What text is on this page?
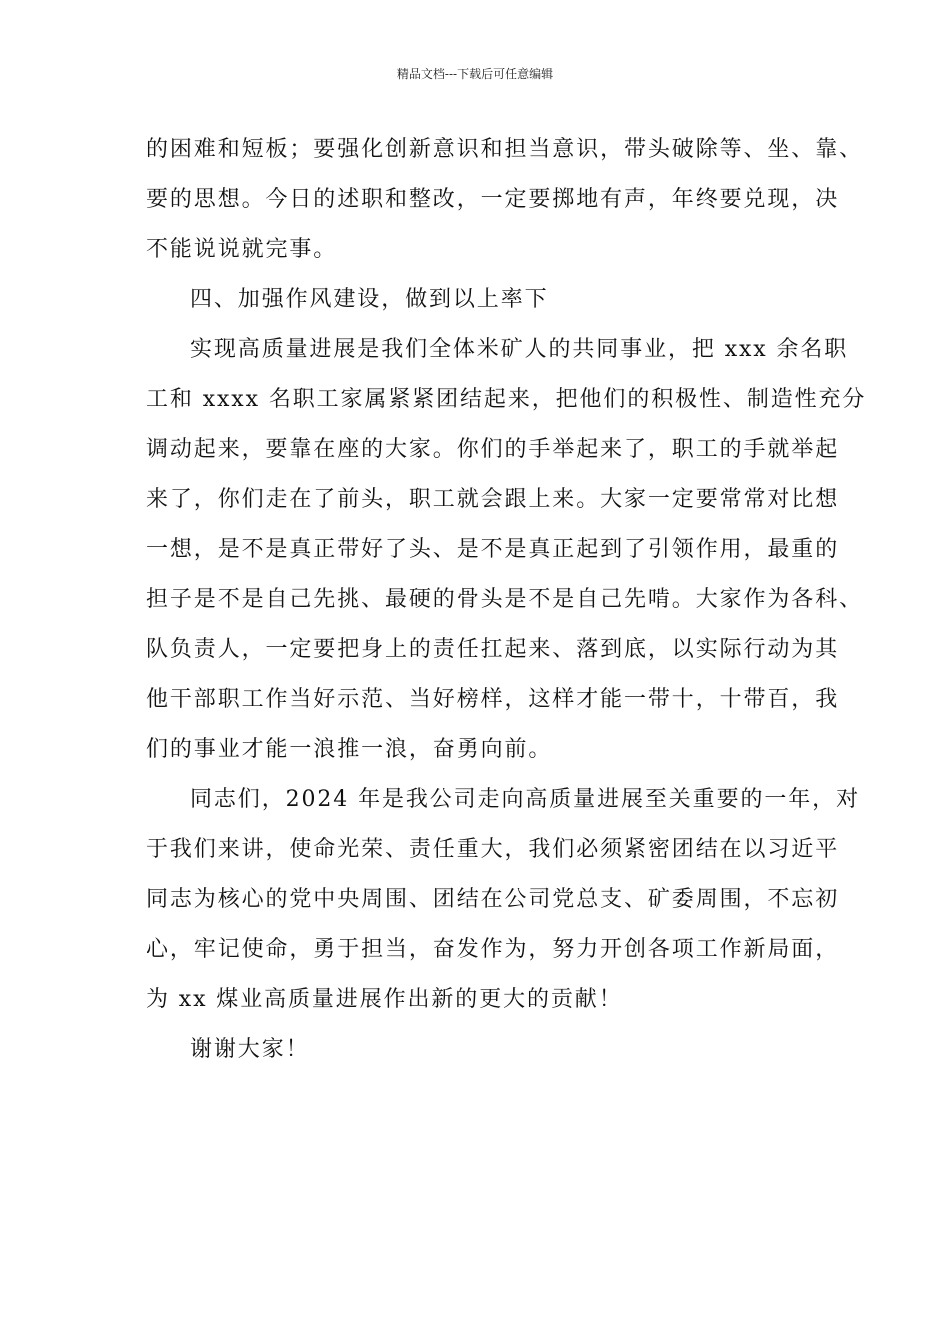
精品文档---下载后可任意编辑
的困难和短板；要强化创新意识和担当意识，带头破除等、坐、靠、
要的思想。今日的述职和整改，一定要掷地有声，年终要兑现，决
不能说说就完事。
四、加强作风建设，做到以上率下
实现高质量进展是我们全体米矿人的共同事业，把 xxx 余名职
工和 xxxx 名职工家属紧紧团结起来，把他们的积极性、制造性充分
调动起来，要靠在座的大家。你们的手举起来了，职工的手就举起
来了，你们走在了前头，职工就会跟上来。大家一定要常常对比想
一想，是不是真正带好了头、是不是真正起到了引领作用，最重的
担子是不是自己先挑、最硬的骨头是不是自己先啃。大家作为各科、
队负责人，一定要把身上的责任扛起来、落到底，以实际行动为其
他干部职工作当好示范、当好榜样，这样才能一带十，十带百，我
们的事业才能一浪推一浪，奋勇向前。
同志们，2024 年是我公司走向高质量进展至关重要的一年，对
于我们来讲，使命光荣、责任重大，我们必须紧密团结在以习近平
同志为核心的党中央周围、团结在公司党总支、矿委周围，不忘初
心，牢记使命，勇于担当，奋发作为，努力开创各项工作新局面，
为 xx 煤业高质量进展作出新的更大的贡献！
谢谢大家！
